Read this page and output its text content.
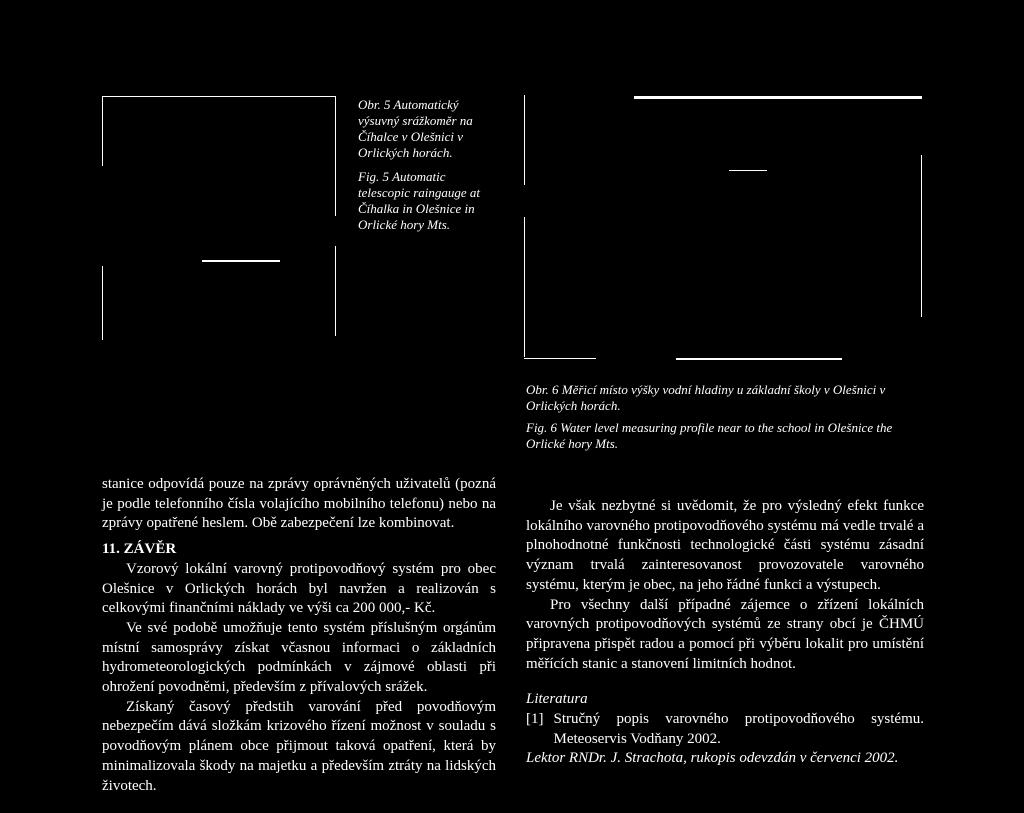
Obr. 5 Automatický výsuvný srážkoměr na Číhalce v Olešnici v Orlických horách.

Fig. 5 Automatic telescopic raingauge at Číhalka in Olešnice in Orlické hory Mts.

Obr. 6 Měřicí místo výšky vodní hladiny u základní školy v Olešnici v Orlických horách.

Fig. 6 Water level measuring profile near to the school in Olešnice the Orlické hory Mts.

stanice odpovídá pouze na zprávy oprávněných uživatelů (pozná je podle telefonního čísla volajícího mobilního telefonu) nebo na zprávy opatřené heslem. Obě zabezpečení lze kombinovat.

11. ZÁVĚR

Vzorový lokální varovný protipovodňový systém pro obec Olešnice v Orlických horách byl navržen a realizován s celkovými finančními náklady ve výši ca 200 000,- Kč.

Ve své podobě umožňuje tento systém příslušným orgánům místní samosprávy získat včasnou informaci o základních hydrometeorologických podmínkách v zájmové oblasti při ohrožení povodněmi, především z přívalových srážek.

Získaný časový předstih varování před povodňovým nebezpečím dává složkám krizového řízení možnost v souladu s povodňovým plánem obce přijmout taková opatření, která by minimalizovala škody na majetku a především ztráty na lidských životech.

Je však nezbytné si uvědomit, že pro výsledný efekt funkce lokálního varovného protipovodňového systému má vedle trvalé a plnohodnotné funkčnosti technologické části systému zásadní význam trvalá zainteresovanost provozovatele varovného systému, kterým je obec, na jeho řádné funkci a výstupech.

Pro všechny další případné zájemce o zřízení lokálních varovných protipovodňových systémů ze strany obcí je ČHMÚ připravena přispět radou a pomocí při výběru lokalit pro umístění měřících stanic a stanovení limitních hodnot.

Literatura
[1] Stručný popis varovného protipovodňového systému. Meteoservis Vodňany 2002.

Lektor RNDr. J. Strachota, rukopis odevzdán v červenci 2002.
